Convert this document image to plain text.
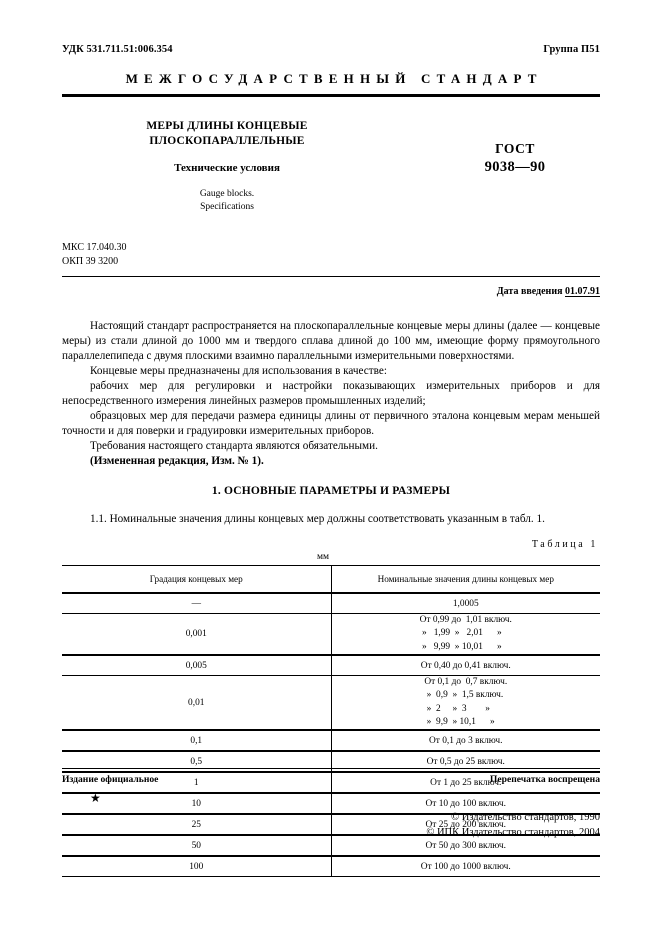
УДК 531.711.51:006.354	Группа П51
МЕЖГОСУДАРСТВЕННЫЙ СТАНДАРТ
МЕРЫ ДЛИНЫ КОНЦЕВЫЕ
ПЛОСКОПАРАЛЛЕЛЬНЫЕ
Технические условия
Gauge blocks.
Specifications
ГОСТ
9038—90
МКС 17.040.30
ОКП 39 3200
Дата введения 01.07.91

Настоящий стандарт распространяется на плоскопараллельные концевые меры длины (далее — концевые меры) из стали длиной до 1000 мм и твердого сплава длиной до 100 мм, имеющие форму прямоугольного параллелепипеда с двумя плоскими взаимно параллельными измерительными поверхностями.

Концевые меры предназначены для использования в качестве:

рабочих мер для регулировки и настройки показывающих измерительных приборов и для непосредственного измерения линейных размеров промышленных изделий;

образцовых мер для передачи размера единицы длины от первичного эталона концевым мерам меньшей точности и для поверки и градуировки измерительных приборов.

Требования настоящего стандарта являются обязательными.

(Измененная редакция, Изм. № 1).

1. ОСНОВНЫЕ ПАРАМЕТРЫ И РАЗМЕРЫ
1.1. Номинальные значения длины концевых мер должны соответствовать указанным в табл. 1.
Таблица 1
мм
Градация концевых мер	Номинальные значения длины концевых мер
—	1,0005
0,001	От 0,99 до  1,01 включ.
»   1,99  »   2,01      »
»   9,99  » 10,01      »

0,005	От 0,40 до 0,41 включ.
0,01	От 0,1 до  0,7 включ.
»  0,9  »  1,5 включ.
»  2     »  3        »
»  9,9  » 10,1      »

0,1	От 0,1 до 3 включ.
0,5	От 0,5 до 25 включ.
1	От 1 до 25 включ.
10	От 10 до 100 включ.
25	От 25 до 200 включ.
50	От 50 до 300 включ.
100	От 100 до 1000 включ.
Издание официальное	Перепечатка воспрещена
★
© Издательство стандартов, 1990
© ИПК Издательство стандартов, 2004
